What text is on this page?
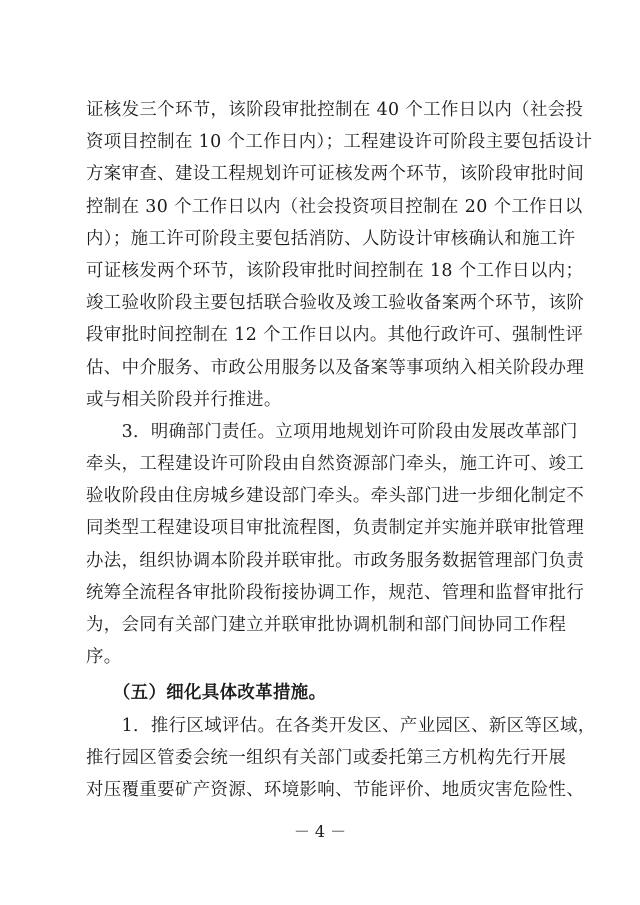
证核发三个环节，该阶段审批控制在 40 个工作日以内（社会投
资项目控制在 10 个工作日内）；工程建设许可阶段主要包括设计
方案审查、建设工程规划许可证核发两个环节，该阶段审批时间
控制在 30 个工作日以内（社会投资项目控制在 20 个工作日以
内）；施工许可阶段主要包括消防、人防设计审核确认和施工许
可证核发两个环节，该阶段审批时间控制在 18 个工作日以内；
竣工验收阶段主要包括联合验收及竣工验收备案两个环节，该阶
段审批时间控制在 12 个工作日以内。其他行政许可、强制性评
估、中介服务、市政公用服务以及备案等事项纳入相关阶段办理
或与相关阶段并行推进。
　　3．明确部门责任。立项用地规划许可阶段由发展改革部门
牵头，工程建设许可阶段由自然资源部门牵头，施工许可、竣工
验收阶段由住房城乡建设部门牵头。牵头部门进一步细化制定不
同类型工程建设项目审批流程图，负责制定并实施并联审批管理
办法，组织协调本阶段并联审批。市政务服务数据管理部门负责
统筹全流程各审批阶段衔接协调工作，规范、管理和监督审批行
为，会同有关部门建立并联审批协调机制和部门间协同工作程
序。
　　（五）细化具体改革措施。
　　1．推行区域评估。在各类开发区、产业园区、新区等区域，
推行园区管委会统一组织有关部门或委托第三方机构先行开展
对压覆重要矿产资源、环境影响、节能评价、地质灾害危险性、
－ 4 －
